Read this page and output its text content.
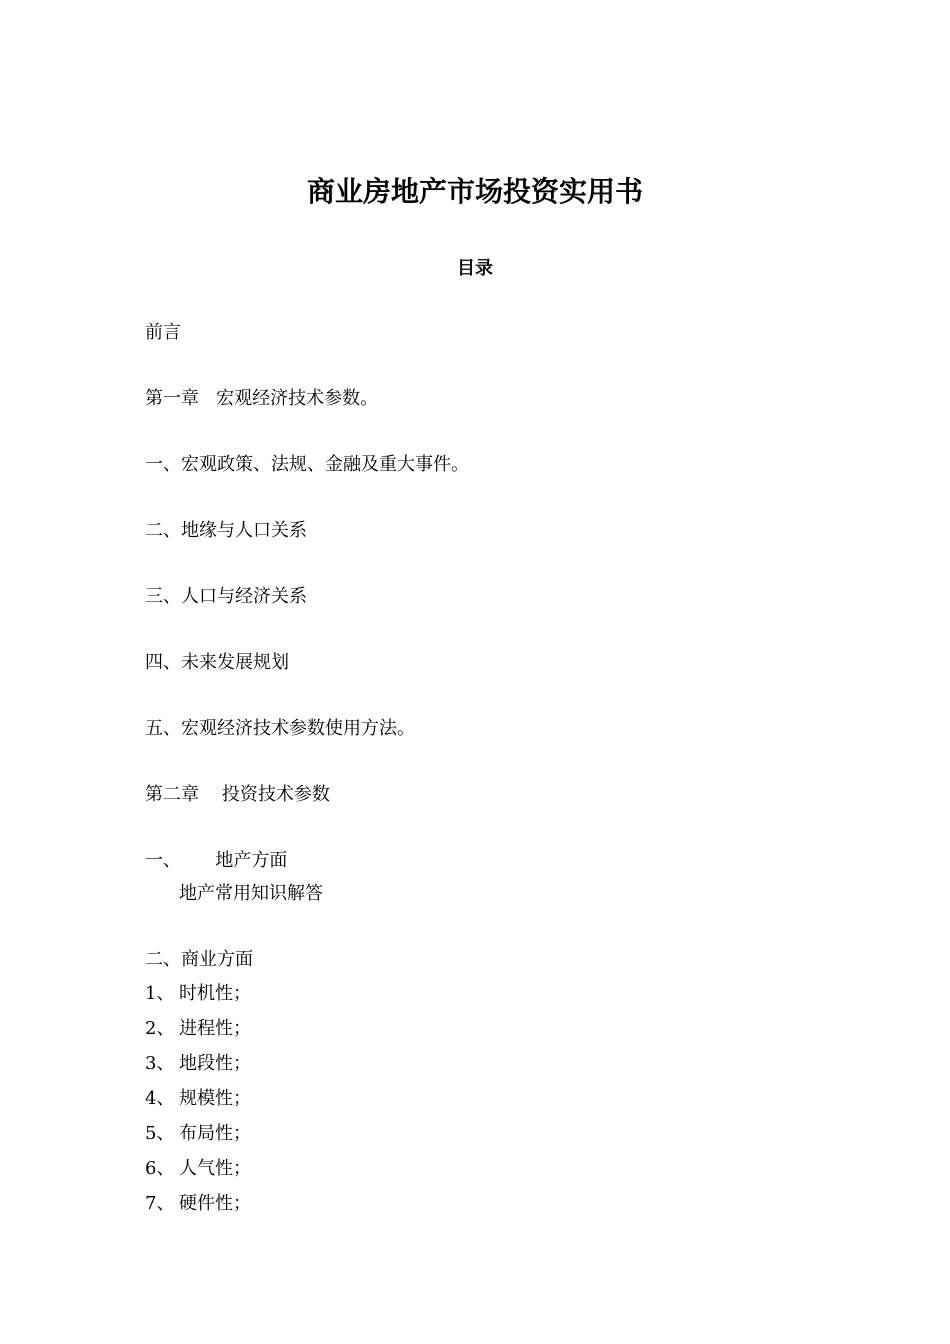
商业房地产市场投资实用书
目录
前言
第一章   宏观经济技术参数。
一、宏观政策、法规、金融及重大事件。
二、地缘与人口关系
三、人口与经济关系
四、未来发展规划
五、宏观经济技术参数使用方法。
第二章    投资技术参数
一、      地产方面
地产常用知识解答
二、商业方面
1、 时机性；
2、 进程性；
3、 地段性；
4、 规模性；
5、 布局性；
6、 人气性；
7、 硬件性；
